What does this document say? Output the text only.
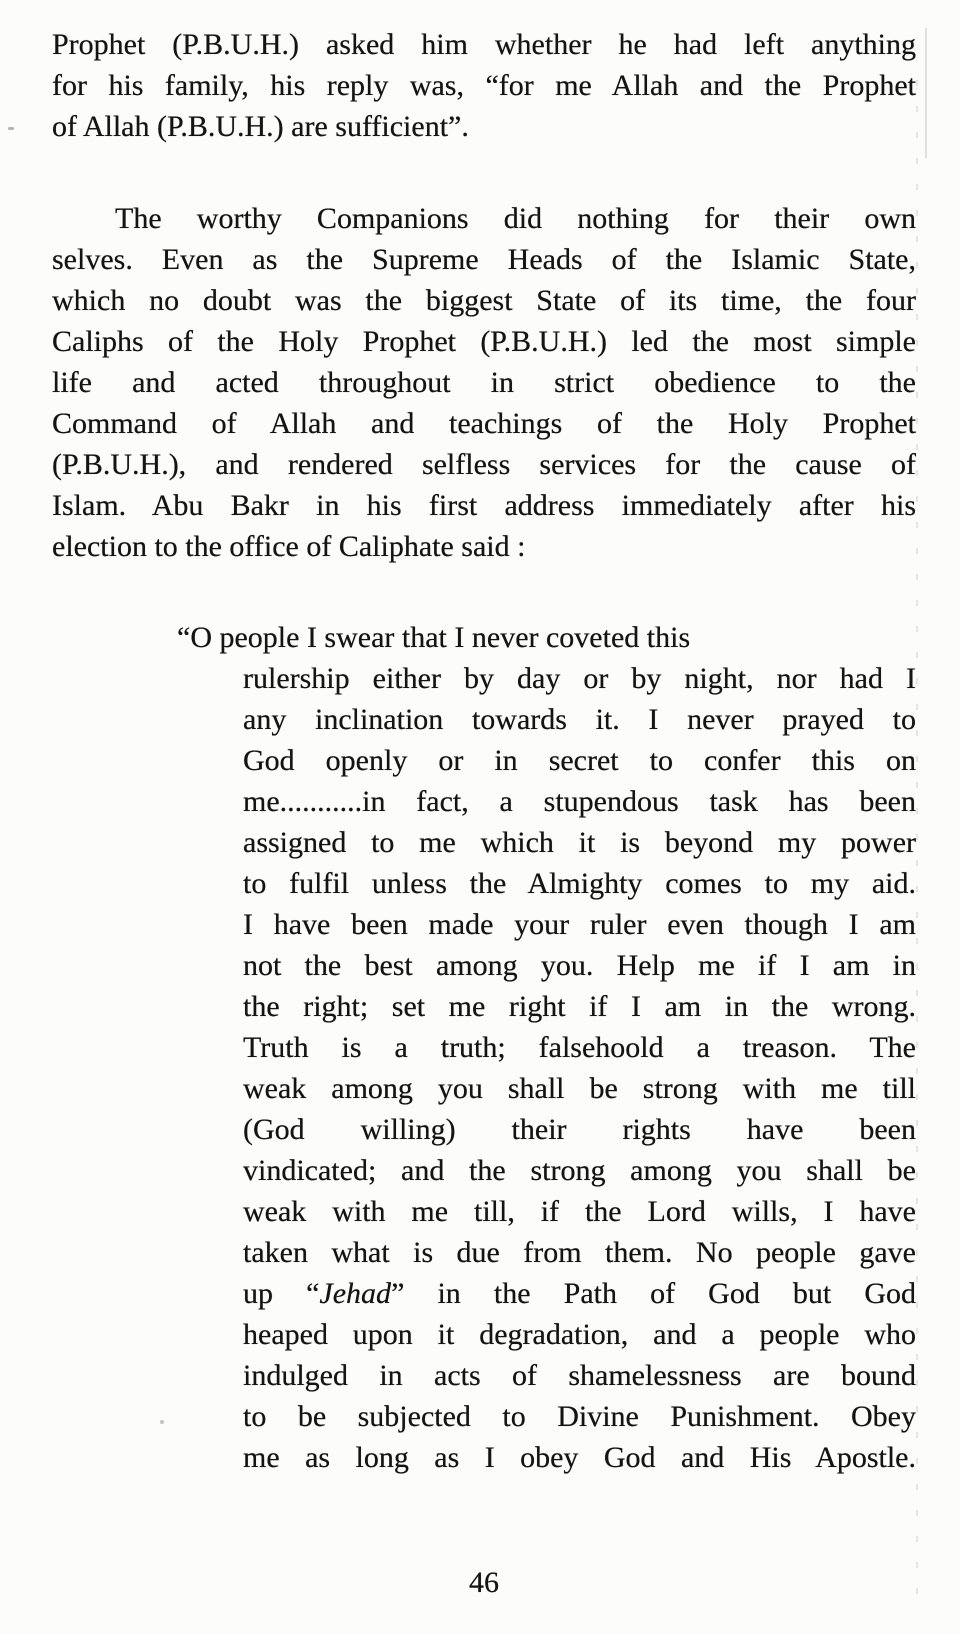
Prophet (P.B.U.H.) asked him whether he had left anything
for his family, his reply was, “for me Allah and the Prophet
of Allah (P.B.U.H.) are sufficient”.
The worthy Companions did nothing for their own
selves. Even as the Supreme Heads of the Islamic State,
which no doubt was the biggest State of its time, the four
Caliphs of the Holy Prophet (P.B.U.H.) led the most simple
life and acted throughout in strict obedience to the
Command of Allah and teachings of the Holy Prophet
(P.B.U.H.), and rendered selfless services for the cause of
Islam. Abu Bakr in his first address immediately after his
election to the office of Caliphate said :
“O people I swear that I never coveted this
rulership either by day or by night, nor had I
any inclination towards it. I never prayed to
God openly or in secret to confer this on
me...........in fact, a stupendous task has been
assigned to me which it is beyond my power
to fulfil unless the Almighty comes to my aid.
I have been made your ruler even though I am
not the best among you. Help me if I am in
the right; set me right if I am in the wrong.
Truth is a truth; falsehoold a treason. The
weak among you shall be strong with me till
(God willing) their rights have been
vindicated; and the strong among you shall be
weak with me till, if the Lord wills, I have
taken what is due from them. No people gave
up “Jehad” in the Path of God but God
heaped upon it degradation, and a people who
indulged in acts of shamelessness are bound
to be subjected to Divine Punishment. Obey
me as long as I obey God and His Apostle.
46
